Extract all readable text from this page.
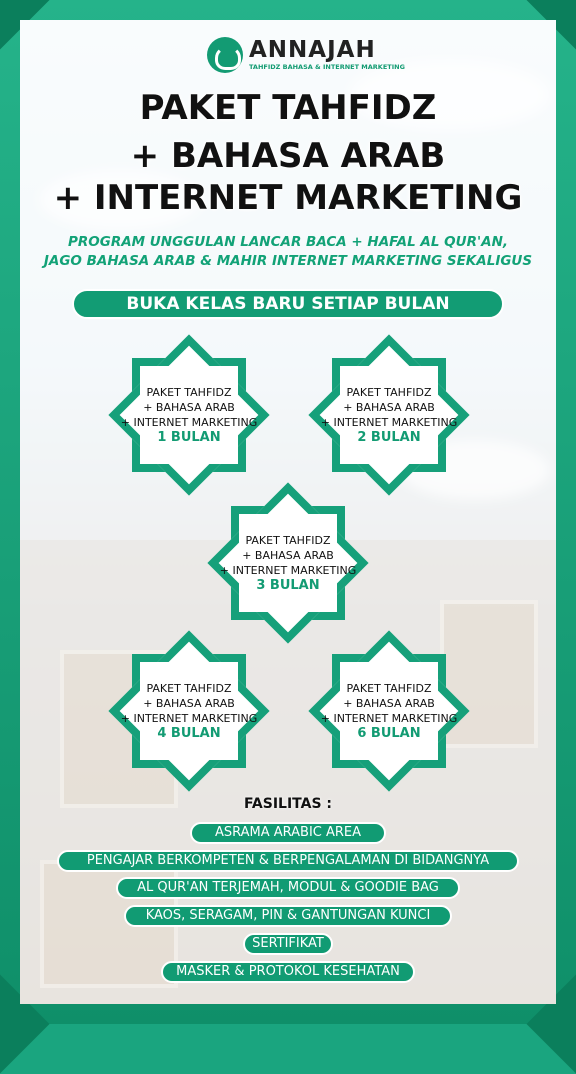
ANNAJAH
TAHFIDZ BAHASA & INTERNET MARKETING
PAKET TAHFIDZ
+ BAHASA ARAB
+ INTERNET MARKETING
PROGRAM UNGGULAN LANCAR BACA + HAFAL AL QUR'AN,
JAGO BAHASA ARAB & MAHIR INTERNET MARKETING SEKALIGUS
BUKA KELAS BARU SETIAP BULAN
PAKET TAHFIDZ
+ BAHASA ARAB
+ INTERNET MARKETING
1 BULAN
PAKET TAHFIDZ
+ BAHASA ARAB
+ INTERNET MARKETING
2 BULAN
PAKET TAHFIDZ
+ BAHASA ARAB
+ INTERNET MARKETING
3 BULAN
PAKET TAHFIDZ
+ BAHASA ARAB
+ INTERNET MARKETING
4 BULAN
PAKET TAHFIDZ
+ BAHASA ARAB
+ INTERNET MARKETING
6 BULAN
FASILITAS :
ASRAMA ARABIC AREA
PENGAJAR BERKOMPETEN & BERPENGALAMAN DI BIDANGNYA
AL QUR'AN TERJEMAH, MODUL & GOODIE BAG
KAOS, SERAGAM, PIN & GANTUNGAN KUNCI
SERTIFIKAT
MASKER & PROTOKOL KESEHATAN
